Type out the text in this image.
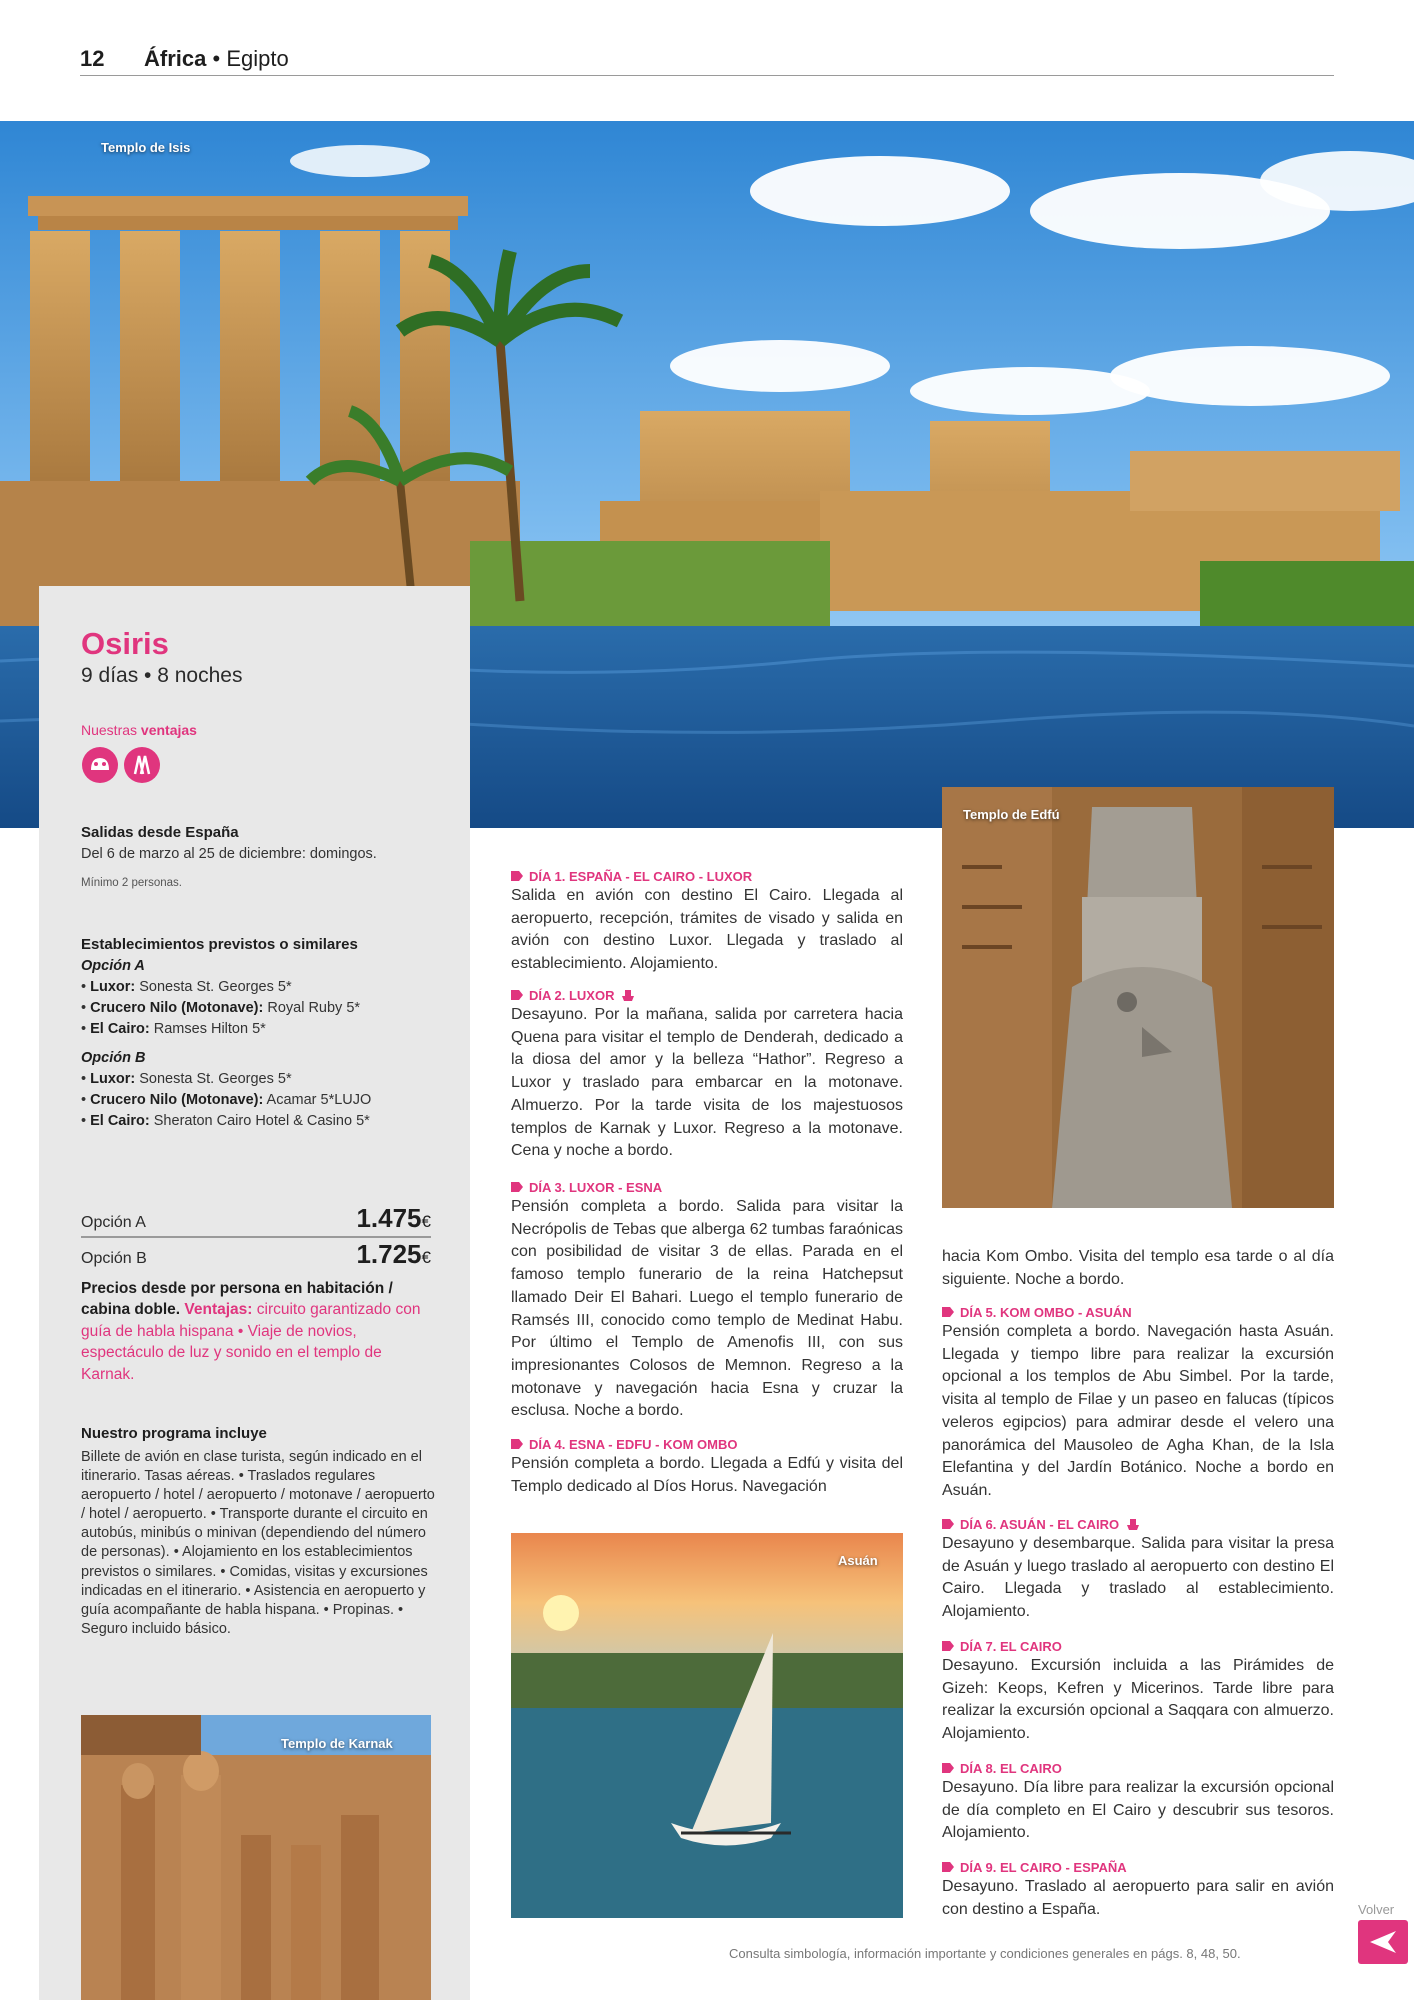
12 África • Egipto
Templo de Isis
Osiris
9 días • 8 noches
Nuestras ventajas
Salidas desde España
Del 6 de marzo al 25 de diciembre: domingos.
Mínimo 2 personas.
Establecimientos previstos o similares
Opción A
• Luxor: Sonesta St. Georges 5*
• Crucero Nilo (Motonave): Royal Ruby 5*
• El Cairo: Ramses Hilton 5*
Opción B
• Luxor: Sonesta St. Georges 5*
• Crucero Nilo (Motonave): Acamar 5*LUJO
• El Cairo: Sheraton Cairo Hotel & Casino 5*
Opción A	1.475€
Opción B	1.725€
Precios desde por persona en habitación / cabina doble. Ventajas: circuito garantizado con guía de habla hispana • Viaje de novios, espectáculo de luz y sonido en el templo de Karnak.
Nuestro programa incluye
Billete de avión en clase turista, según indicado en el itinerario. Tasas aéreas. • Traslados regulares aeropuerto / hotel / aeropuerto / motonave / aeropuerto / hotel / aeropuerto. • Transporte durante el circuito en autobús, minibús o minivan (dependiendo del número de personas). • Alojamiento en los establecimientos previstos o similares. • Comidas, visitas y excursiones indicadas en el itinerario. • Asistencia en aeropuerto y guía acompañante de habla hispana. • Propinas. • Seguro incluido básico.
Templo de Karnak
Templo de Edfú
Asuán
DÍA 1. ESPAÑA - EL CAIRO - LUXOR
Salida en avión con destino El Cairo. Llegada al aeropuerto, recepción, trámites de visado y salida en avión con destino Luxor. Llegada y traslado al establecimiento. Alojamiento.
DÍA 2. LUXOR
Desayuno. Por la mañana, salida por carretera hacia Quena para visitar el templo de Denderah, dedicado a la diosa del amor y la belleza “Hathor”. Regreso a Luxor y traslado para embarcar en la motonave. Almuerzo. Por la tarde visita de los majestuosos templos de Karnak y Luxor. Regreso a la motonave. Cena y noche a bordo.
DÍA 3. LUXOR - ESNA
Pensión completa a bordo. Salida para visitar la Necrópolis de Tebas que alberga 62 tumbas faraónicas con posibilidad de visitar 3 de ellas. Parada en el famoso templo funerario de la reina Hatchepsut llamado Deir El Bahari. Luego el templo funerario de Ramsés III, conocido como templo de Medinat Habu. Por último el Templo de Amenofis III, con sus impresionantes Colosos de Memnon. Regreso a la motonave y navegación hacia Esna y cruzar la esclusa. Noche a bordo.
DÍA 4. ESNA - EDFU - KOM OMBO
Pensión completa a bordo. Llegada a Edfú y visita del Templo dedicado al Díos Horus. Navegación
hacia Kom Ombo. Visita del templo esa tarde o al día siguiente. Noche a bordo.
DÍA 5. KOM OMBO - ASUÁN
Pensión completa a bordo. Navegación hasta Asuán. Llegada y tiempo libre para realizar la excursión opcional a los templos de Abu Simbel. Por la tarde, visita al templo de Filae y un paseo en falucas (típicos veleros egipcios) para admirar desde el velero una panorámica del Mausoleo de Agha Khan, de la Isla Elefantina y del Jardín Botánico. Noche a bordo en Asuán.
DÍA 6. ASUÁN - EL CAIRO
Desayuno y desembarque. Salida para visitar la presa de Asuán y luego traslado al aeropuerto con destino El Cairo. Llegada y traslado al establecimiento. Alojamiento.
DÍA 7. EL CAIRO
Desayuno. Excursión incluida a las Pirámides de Gizeh: Keops, Kefren y Micerinos. Tarde libre para realizar la excursión opcional a Saqqara con almuerzo. Alojamiento.
DÍA 8. EL CAIRO
Desayuno. Día libre para realizar la excursión opcional de día completo en El Cairo y descubrir sus tesoros. Alojamiento.
DÍA 9. EL CAIRO - ESPAÑA
Desayuno. Traslado al aeropuerto para salir en avión con destino a España.
Consulta simbología, información importante y condiciones generales en págs. 8, 48, 50.
Volver
